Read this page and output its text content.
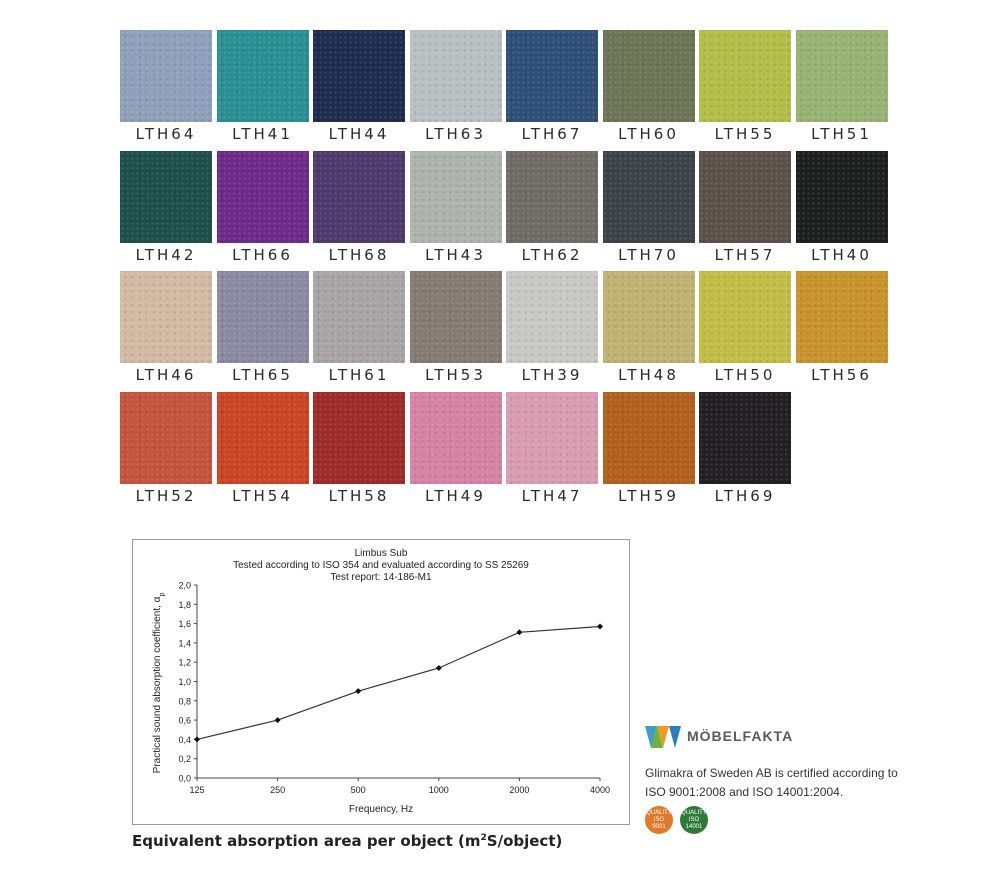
LTH64	LTH41	LTH44	LTH63	LTH67	LTH60	LTH55	LTH51
LTH42	LTH66	LTH68	LTH43	LTH62	LTH70	LTH57	LTH40
LTH46	LTH65	LTH61	LTH53	LTH39	LTH48	LTH50	LTH56
LTH52	LTH54	LTH58	LTH49	LTH47	LTH59	LTH69
Limbus Sub
Tested according to ISO 354 and evaluated according to SS 25269
Test report: 14-186-M1
0,0
0,2
0,4
0,6
0,8
1,0
1,2
1,4
1,6
1,8
2,0
125	250	500	1000	2000	4000
Frequency, Hz
Practical sound absorption coefficient, $\alpha_p$
Equivalent absorption area per object $(m^2S/object)$
MÖBELFAKTA
Glimakra of Sweden AB is certified according to
ISO 9001:2008 and ISO 14001:2004.
QUALITY
ISO
9001
QUALITY
ISO
14001
